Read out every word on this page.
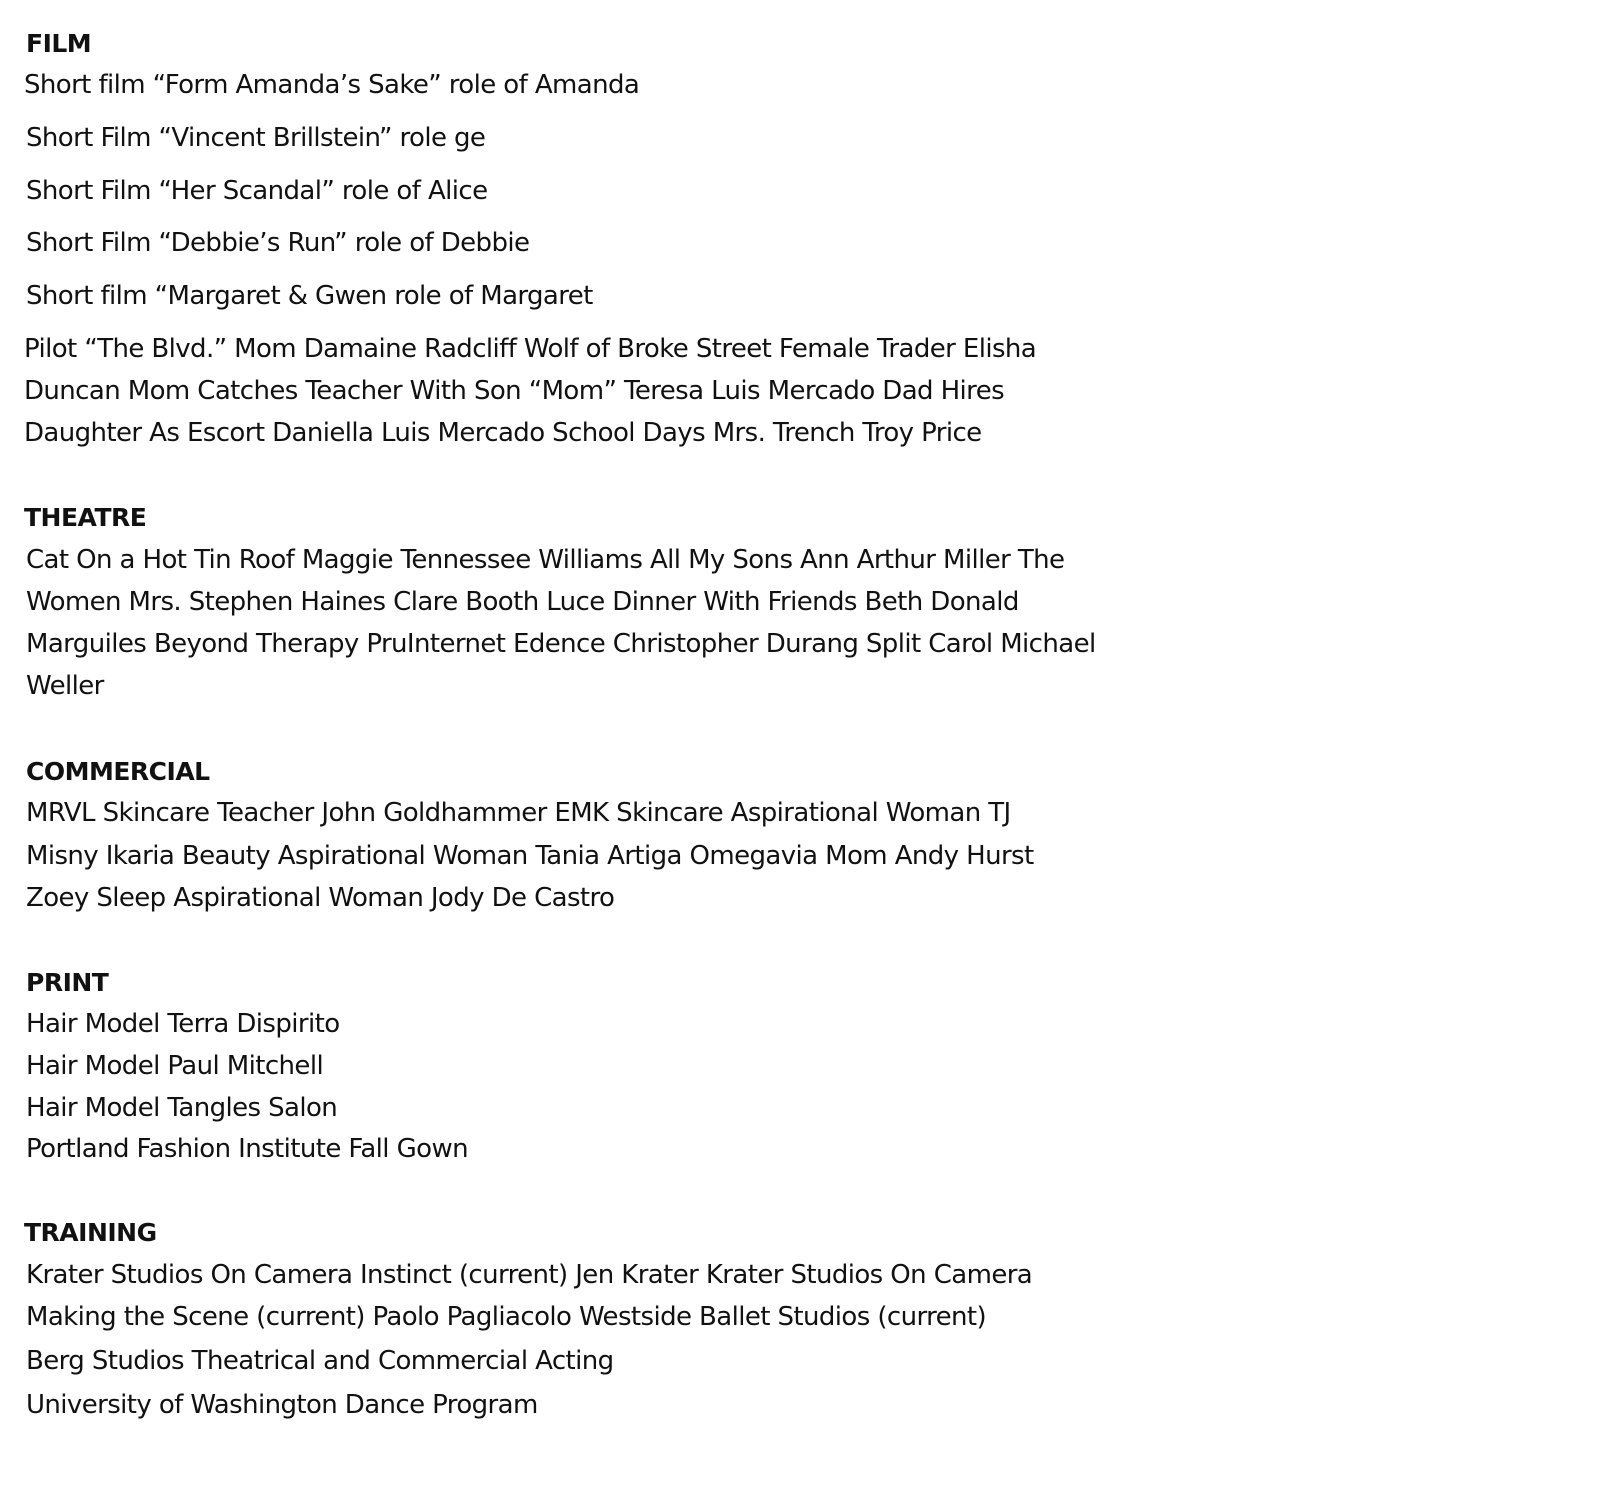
FILM

Short film “Form Amanda’s Sake” role of Amanda

Short Film “Vincent Brillstein” role ge

Short Film “Her Scandal” role of Alice

Short Film “Debbie’s Run” role of Debbie

Short film “Margaret & Gwen role of Margaret

Pilot “The Blvd.” Mom Damaine Radcliff Wolf of Broke Street Female Trader Elisha

Duncan Mom Catches Teacher With Son “Mom” Teresa Luis Mercado Dad Hires

Daughter As Escort Daniella Luis Mercado School Days Mrs. Trench Troy Price

THEATRE

Cat On a Hot Tin Roof Maggie Tennessee Williams All My Sons Ann Arthur Miller The

Women Mrs. Stephen Haines Clare Booth Luce Dinner With Friends Beth Donald

Marguiles Beyond Therapy PruInternet Edence Christopher Durang Split Carol Michael

Weller

COMMERCIAL

MRVL Skincare Teacher John Goldhammer EMK Skincare Aspirational Woman TJ

Misny Ikaria Beauty Aspirational Woman Tania Artiga Omegavia Mom Andy Hurst

Zoey Sleep Aspirational Woman Jody De Castro

PRINT

Hair Model Terra Dispirito

Hair Model Paul Mitchell

Hair Model Tangles Salon

Portland Fashion Institute Fall Gown

TRAINING

Krater Studios On Camera Instinct (current) Jen Krater Krater Studios On Camera

Making the Scene (current) Paolo Pagliacolo Westside Ballet Studios (current)

Berg Studios Theatrical and Commercial Acting

University of Washington Dance Program
